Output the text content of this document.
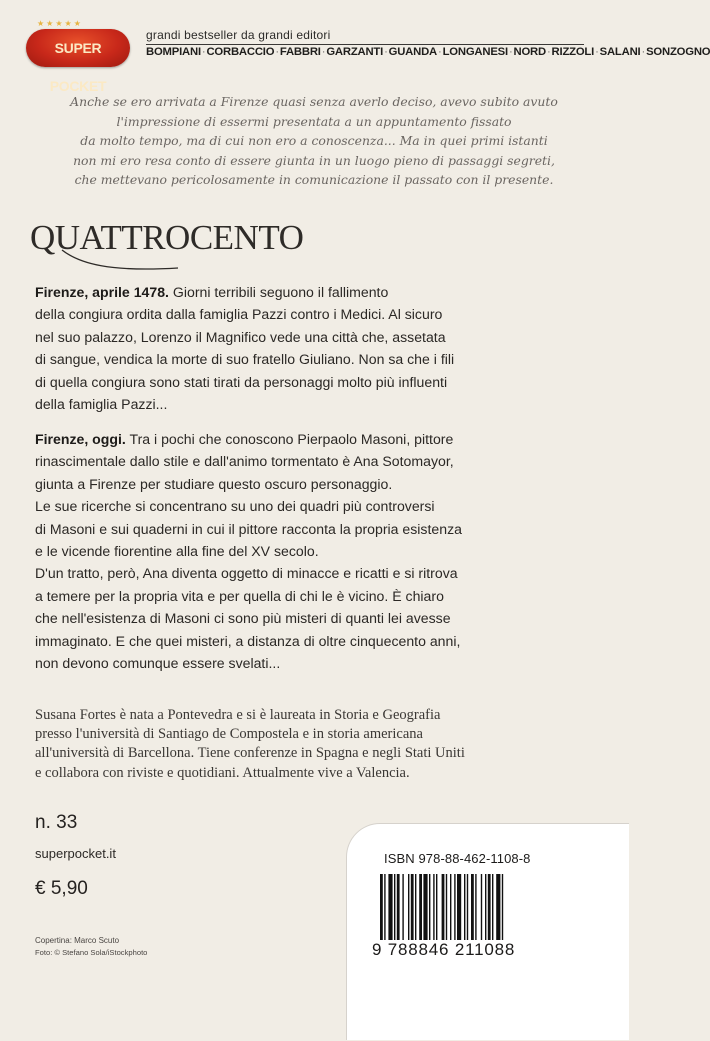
SUPER POCKET
★★★★★
grandi bestseller da grandi editori
BOMPIANI·CORBACCIO·FABBRI·GARZANTI·GUANDA·LONGANESI·NORD·RIZZOLI·SALANI·SONZOGNO
Anche se ero arrivata a Firenze quasi senza averlo deciso, avevo subito avuto
l'impressione di essermi presentata a un appuntamento fissato
da molto tempo, ma di cui non ero a conoscenza... Ma in quei primi istanti
non mi ero resa conto di essere giunta in un luogo pieno di passaggi segreti,
che mettevano pericolosamente in comunicazione il passato con il presente.
QUATTROCENTO
Firenze, aprile 1478. Giorni terribili seguono il fallimento
della congiura ordita dalla famiglia Pazzi contro i Medici. Al sicuro
nel suo palazzo, Lorenzo il Magnifico vede una città che, assetata
di sangue, vendica la morte di suo fratello Giuliano. Non sa che i fili
di quella congiura sono stati tirati da personaggi molto più influenti
della famiglia Pazzi...
Firenze, oggi. Tra i pochi che conoscono Pierpaolo Masoni, pittore
rinascimentale dallo stile e dall'animo tormentato è Ana Sotomayor,
giunta a Firenze per studiare questo oscuro personaggio.
Le sue ricerche si concentrano su uno dei quadri più controversi
di Masoni e sui quaderni in cui il pittore racconta la propria esistenza
e le vicende fiorentine alla fine del XV secolo.
D'un tratto, però, Ana diventa oggetto di minacce e ricatti e si ritrova
a temere per la propria vita e per quella di chi le è vicino. È chiaro
che nell'esistenza di Masoni ci sono più misteri di quanti lei avesse
immaginato. E che quei misteri, a distanza di oltre cinquecento anni,
non devono comunque essere svelati...
Susana Fortes è nata a Pontevedra e si è laureata in Storia e Geografia
presso l'università di Santiago de Compostela e in storia americana
all'università di Barcellona. Tiene conferenze in Spagna e negli Stati Uniti
e collabora con riviste e quotidiani. Attualmente vive a Valencia.
n. 33
superpocket.it
€ 5,90
Copertina: Marco Scuto
Foto: © Stefano Sola/iStockphoto
ISBN 978-88-462-1108-8
9 788846 211088
